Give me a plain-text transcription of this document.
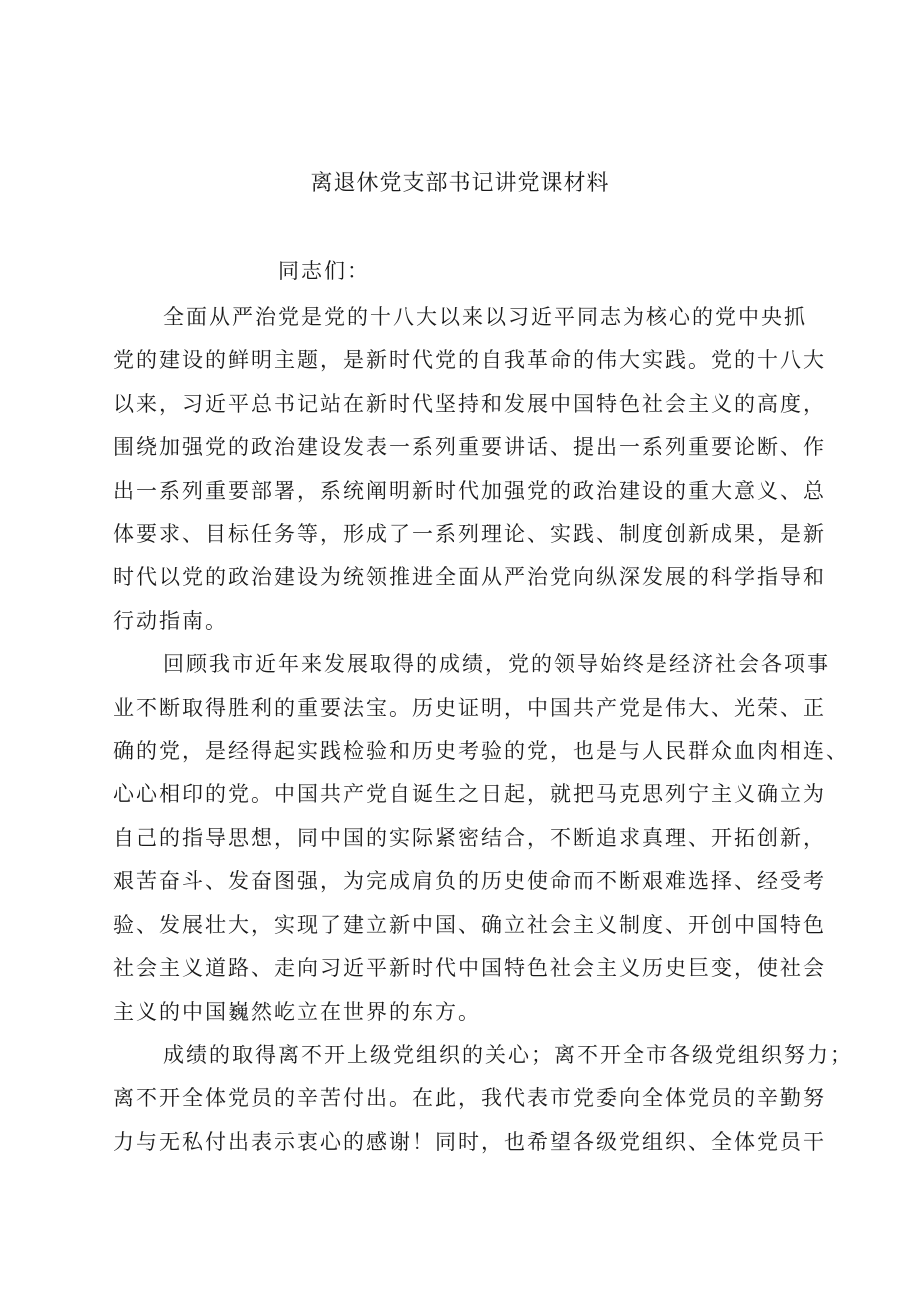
离退休党支部书记讲党课材料

同志们：

全面从严治党是党的十八大以来以习近平同志为核心的党中央抓
党的建设的鲜明主题，是新时代党的自我革命的伟大实践。党的十八大
以来，习近平总书记站在新时代坚持和发展中国特色社会主义的高度，
围绕加强党的政治建设发表一系列重要讲话、提出一系列重要论断、作
出一系列重要部署，系统阐明新时代加强党的政治建设的重大意义、总
体要求、目标任务等，形成了一系列理论、实践、制度创新成果，是新
时代以党的政治建设为统领推进全面从严治党向纵深发展的科学指导和
行动指南。
回顾我市近年来发展取得的成绩，党的领导始终是经济社会各项事
业不断取得胜利的重要法宝。历史证明，中国共产党是伟大、光荣、正
确的党，是经得起实践检验和历史考验的党，也是与人民群众血肉相连、
心心相印的党。中国共产党自诞生之日起，就把马克思列宁主义确立为
自己的指导思想，同中国的实际紧密结合，不断追求真理、开拓创新，
艰苦奋斗、发奋图强，为完成肩负的历史使命而不断艰难选择、经受考
验、发展壮大，实现了建立新中国、确立社会主义制度、开创中国特色
社会主义道路、走向习近平新时代中国特色社会主义历史巨变，使社会
主义的中国巍然屹立在世界的东方。
成绩的取得离不开上级党组织的关心；离不开全市各级党组织努力；
离不开全体党员的辛苦付出。在此，我代表市党委向全体党员的辛勤努
力与无私付出表示衷心的感谢！同时，也希望各级党组织、全体党员干
